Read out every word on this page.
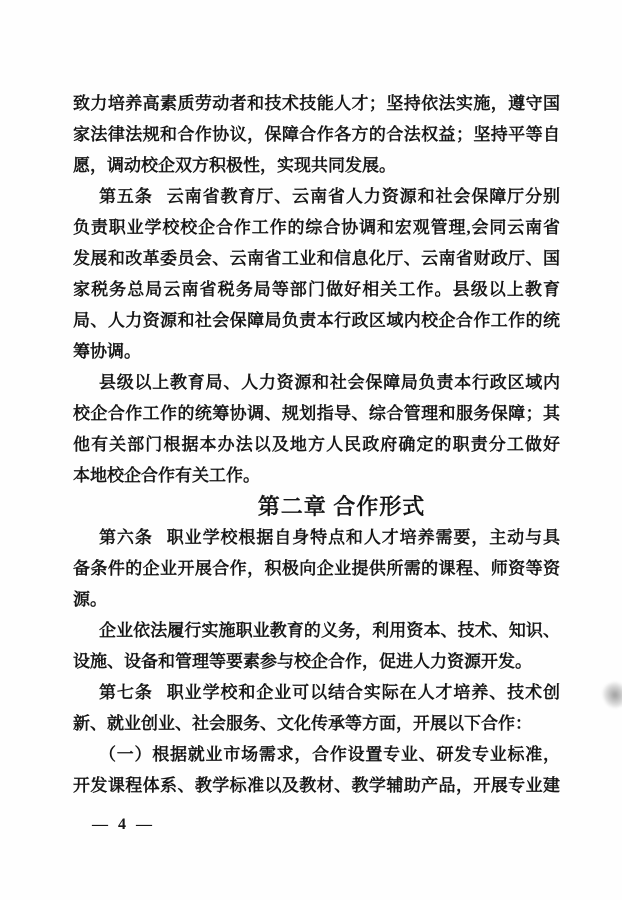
致力培养高素质劳动者和技术技能人才；坚持依法实施，遵守国
家法律法规和合作协议，保障合作各方的合法权益；坚持平等自
愿，调动校企双方积极性，实现共同发展。
第五条 云南省教育厅、云南省人力资源和社会保障厅分别
负责职业学校校企合作工作的综合协调和宏观管理,会同云南省
发展和改革委员会、云南省工业和信息化厅、云南省财政厅、国
家税务总局云南省税务局等部门做好相关工作。县级以上教育
局、人力资源和社会保障局负责本行政区域内校企合作工作的统
筹协调。
县级以上教育局、人力资源和社会保障局负责本行政区域内
校企合作工作的统筹协调、规划指导、综合管理和服务保障；其
他有关部门根据本办法以及地方人民政府确定的职责分工做好
本地校企合作有关工作。
第二章 合作形式
第六条 职业学校根据自身特点和人才培养需要，主动与具
备条件的企业开展合作，积极向企业提供所需的课程、师资等资
源。
企业依法履行实施职业教育的义务，利用资本、技术、知识、
设施、设备和管理等要素参与校企合作，促进人力资源开发。
第七条 职业学校和企业可以结合实际在人才培养、技术创
新、就业创业、社会服务、文化传承等方面，开展以下合作：
（一）根据就业市场需求，合作设置专业、研发专业标准，
开发课程体系、教学标准以及教材、教学辅助产品，开展专业建
— 4 —
